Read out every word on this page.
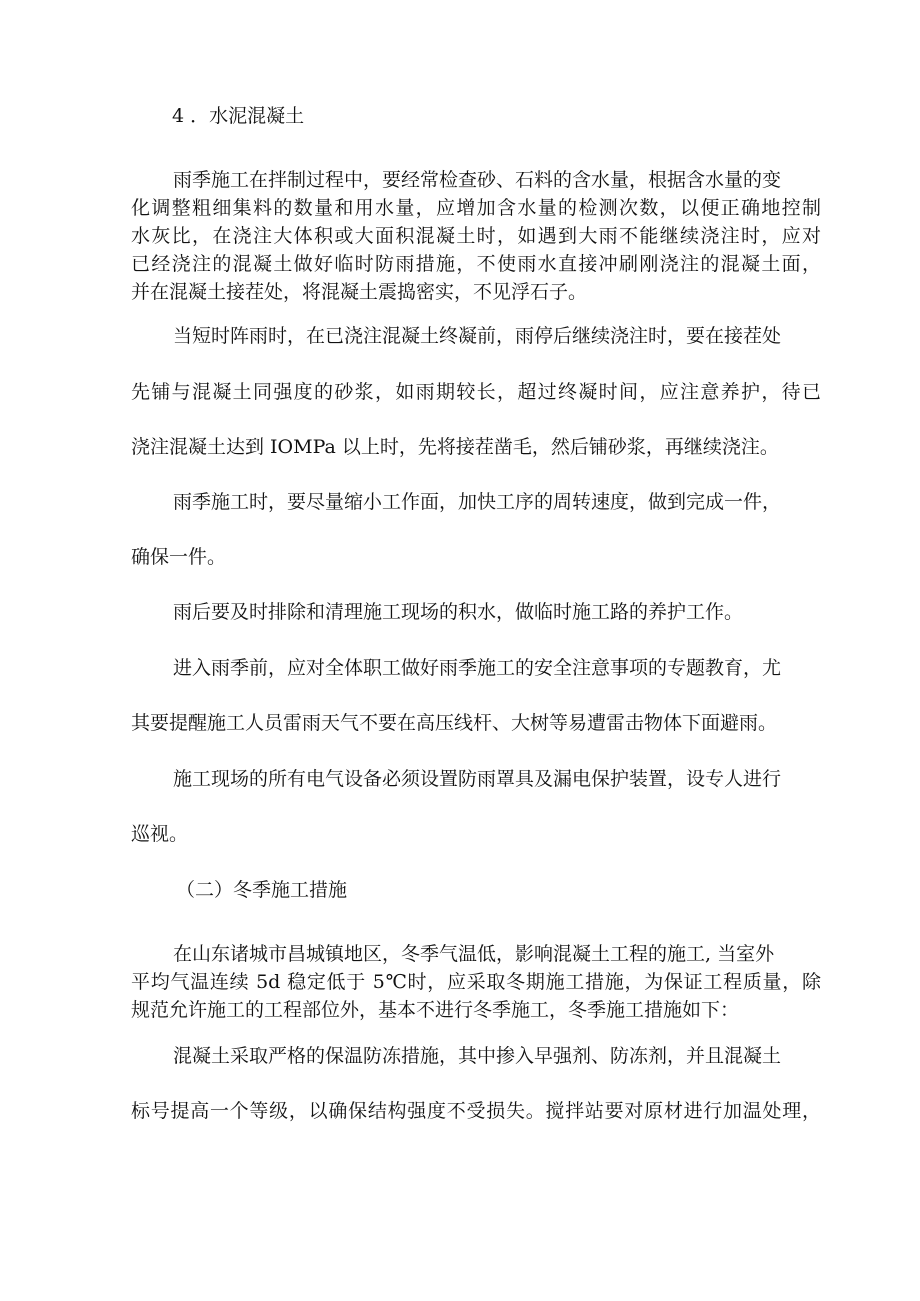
4 ．水泥混凝土
雨季施工在拌制过程中，要经常检查砂、石料的含水量，根据含水量的变
化调整粗细集料的数量和用水量，应增加含水量的检测次数，以便正确地控制
水灰比，在浇注大体积或大面积混凝土时，如遇到大雨不能继续浇注时，应对
已经浇注的混凝土做好临时防雨措施，不使雨水直接冲刷刚浇注的混凝土面，
并在混凝土接茬处，将混凝土震捣密实，不见浮石子。
当短时阵雨时，在已浇注混凝土终凝前，雨停后继续浇注时，要在接茬处
先铺与混凝土同强度的砂浆，如雨期较长，超过终凝时间，应注意养护，待已
浇注混凝土达到 IOMPa 以上时，先将接茬凿毛，然后铺砂浆，再继续浇注。
雨季施工时，要尽量缩小工作面，加快工序的周转速度，做到完成一件，
确保一件。
雨后要及时排除和清理施工现场的积水，做临时施工路的养护工作。
进入雨季前，应对全体职工做好雨季施工的安全注意事项的专题教育，尤
其要提醒施工人员雷雨天气不要在高压线杆、大树等易遭雷击物体下面避雨。
施工现场的所有电气设备必须设置防雨罩具及漏电保护装置，设专人进行
巡视。
（二）冬季施工措施
在山东诸城市昌城镇地区，冬季气温低，影响混凝土工程的施工, 当室外
平均气温连续 5d 稳定低于 5℃时，应采取冬期施工措施，为保证工程质量，除
规范允许施工的工程部位外，基本不进行冬季施工，冬季施工措施如下：
混凝土采取严格的保温防冻措施，其中掺入早强剂、防冻剂，并且混凝土
标号提高一个等级，以确保结构强度不受损失。搅拌站要对原材进行加温处理，
